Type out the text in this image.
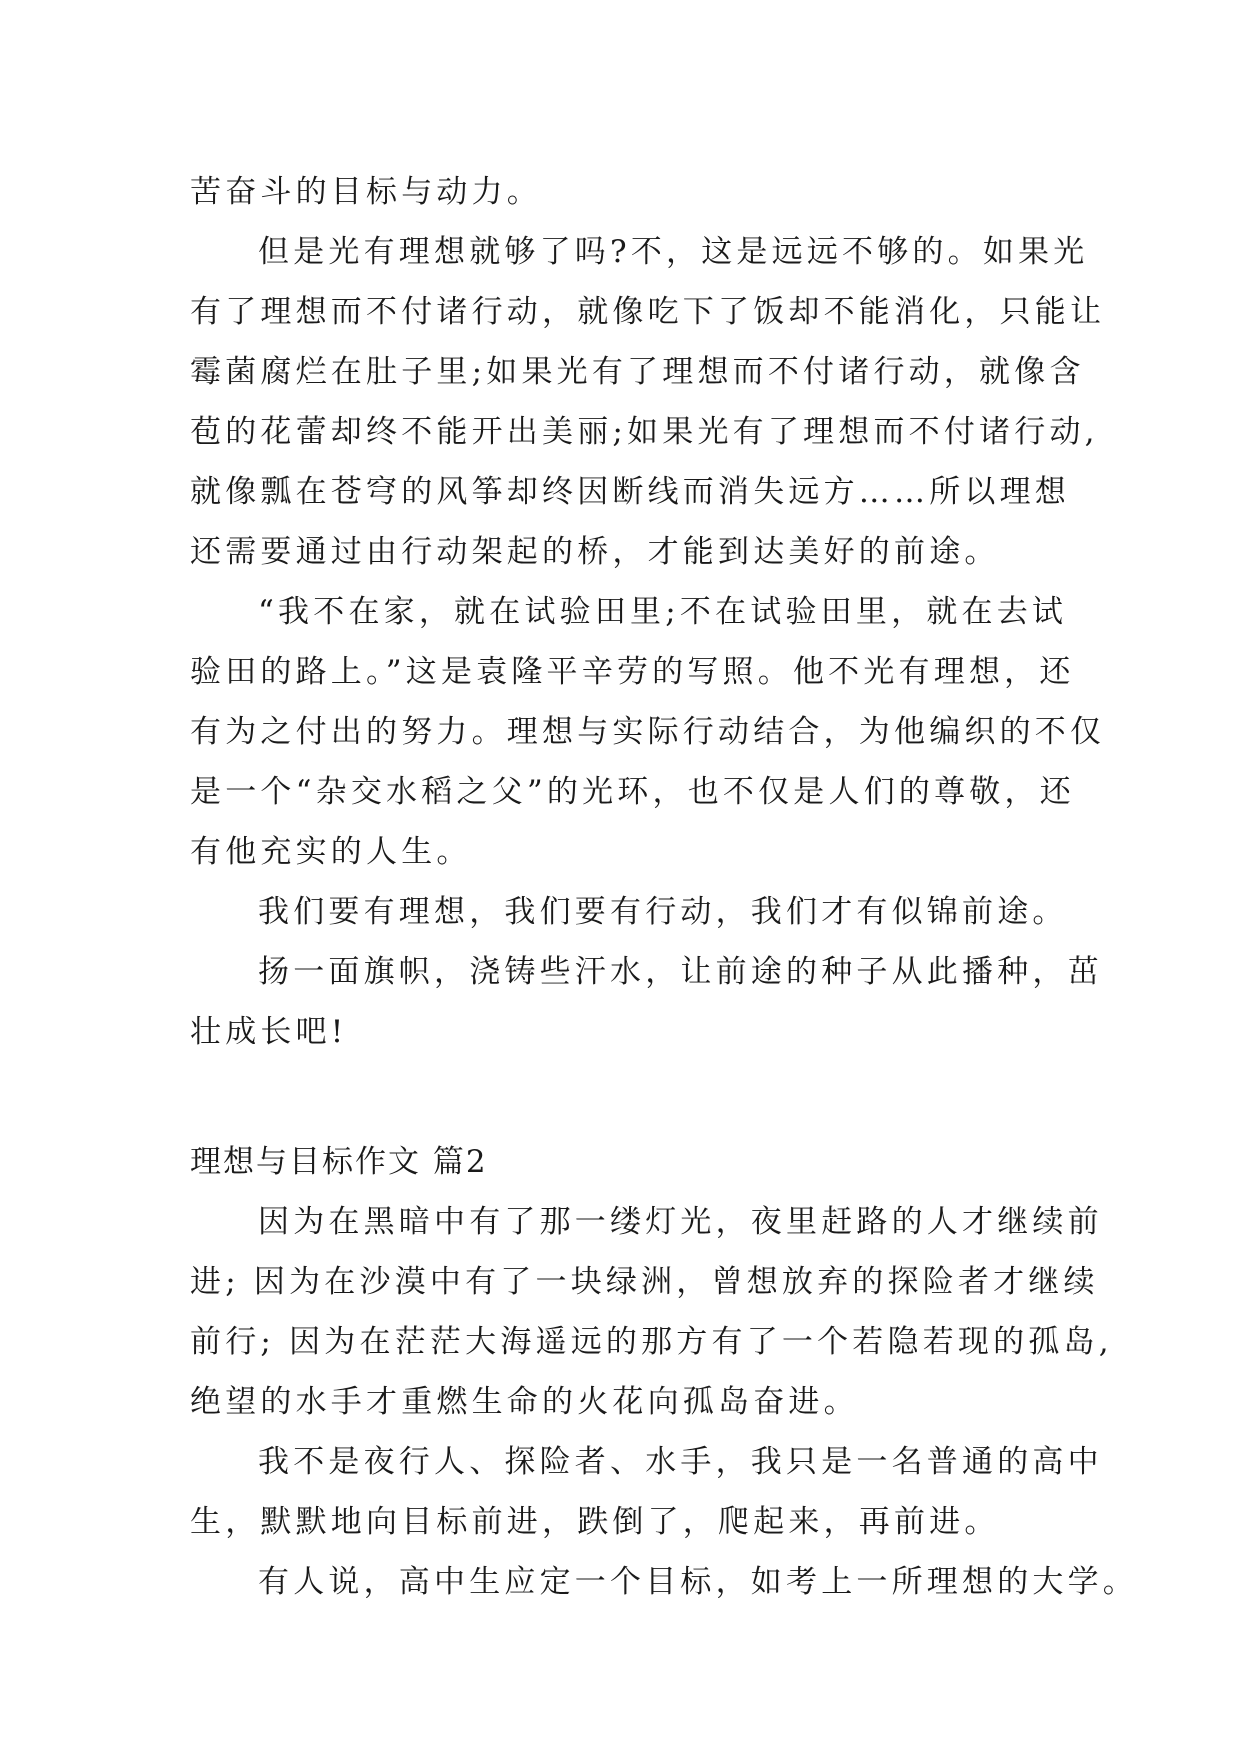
苦奋斗的目标与动力。
但是光有理想就够了吗?不，这是远远不够的。如果光
有了理想而不付诸行动，就像吃下了饭却不能消化，只能让
霉菌腐烂在肚子里;如果光有了理想而不付诸行动，就像含
苞的花蕾却终不能开出美丽;如果光有了理想而不付诸行动,
就像瓢在苍穹的风筝却终因断线而消失远方……所以理想
还需要通过由行动架起的桥，才能到达美好的前途。
“我不在家，就在试验田里;不在试验田里，就在去试
验田的路上。”这是袁隆平辛劳的写照。他不光有理想，还
有为之付出的努力。理想与实际行动结合，为他编织的不仅
是一个“杂交水稻之父”的光环，也不仅是人们的尊敬，还
有他充实的人生。
我们要有理想，我们要有行动，我们才有似锦前途。
扬一面旗帜，浇铸些汗水，让前途的种子从此播种，茁
壮成长吧!
理想与目标作文 篇2
因为在黑暗中有了那一缕灯光，夜里赶路的人才继续前
进; 因为在沙漠中有了一块绿洲，曾想放弃的探险者才继续
前行; 因为在茫茫大海遥远的那方有了一个若隐若现的孤岛,
绝望的水手才重燃生命的火花向孤岛奋进。
我不是夜行人、探险者、水手，我只是一名普通的高中
生，默默地向目标前进，跌倒了，爬起来，再前进。
有人说，高中生应定一个目标，如考上一所理想的大学。
